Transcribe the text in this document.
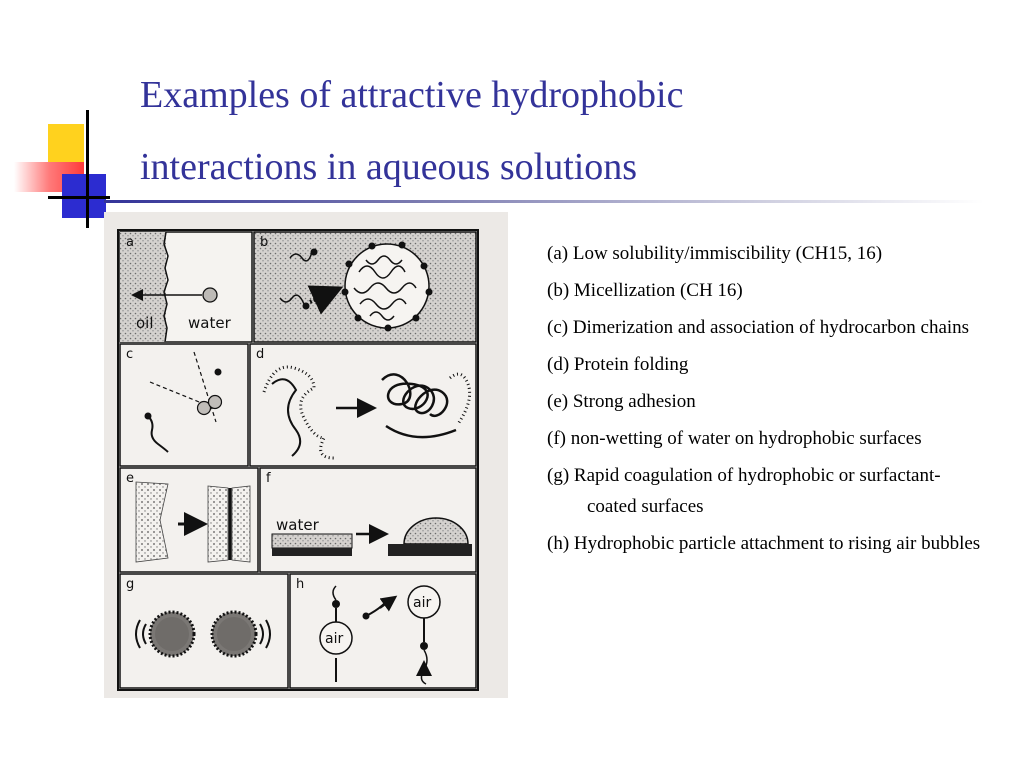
Examples of attractive hydrophobic
interactions in aqueous solutions
a
oil water
b
c	d
e	f
water
g	h
air
air
(a) Low solubility/immiscibility (CH15, 16)
(b) Micellization (CH 16)
(c) Dimerization and association of hydrocarbon chains
(d) Protein folding
(e) Strong adhesion
(f) non-wetting of water on hydrophobic surfaces
(g) Rapid coagulation of hydrophobic or surfactant-coated surfaces
(h) Hydrophobic particle attachment to rising air bubbles
